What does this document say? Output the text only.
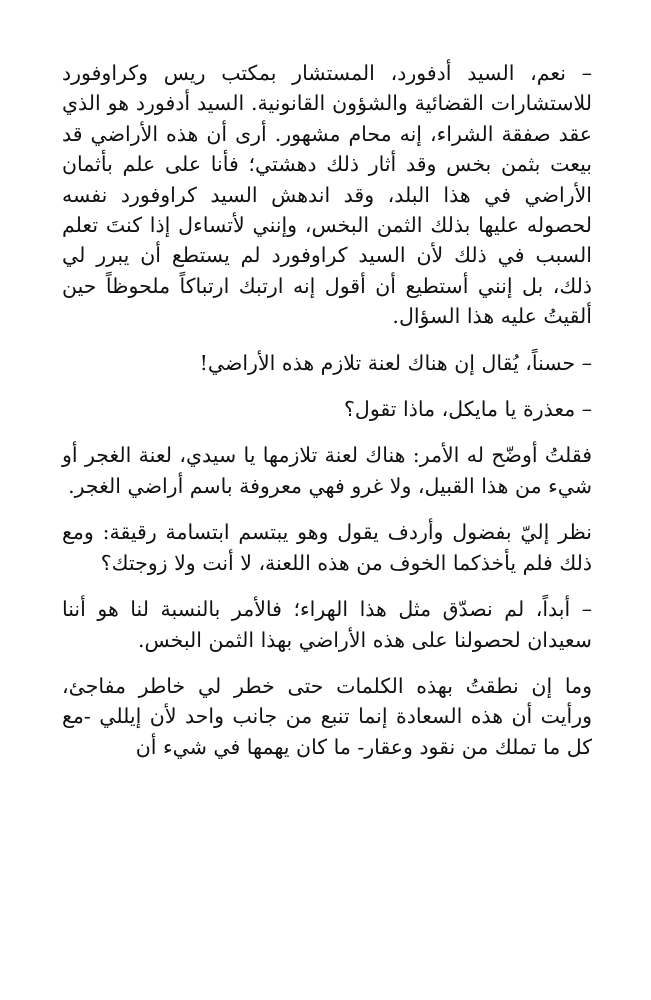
– نعم، السيد أدفورد، المستشار بمكتب ريس وكراوفورد للاستشارات القضائية والشؤون القانونية. السيد أدفورد هو الذي عقد صفقة الشراء، إنه محام مشهور. أرى أن هذه الأراضي قد بيعت بثمن بخس وقد أثار ذلك دهشتي؛ فأنا على علم بأثمان الأراضي في هذا البلد، وقد اندهش السيد كراوفورد نفسه لحصوله عليها بذلك الثمن البخس، وإنني لأتساءل إذا كنتَ تعلم السبب في ذلك لأن السيد كراوفورد لم يستطع أن يبرر لي ذلك، بل إنني أستطيع أن أقول إنه ارتبك ارتباكاً ملحوظاً حين ألقيتُ عليه هذا السؤال.

– حسناً، يُقال إن هناك لعنة تلازم هذه الأراضي!

– معذرة يا مايكل، ماذا تقول؟

فقلتُ أوضّح له الأمر: هناك لعنة تلازمها يا سيدي، لعنة الغجر أو شيء من هذا القبيل، ولا غرو فهي معروفة باسم أراضي الغجر.

نظر إليّ بفضول وأردف يقول وهو يبتسم ابتسامة رقيقة: ومع ذلك فلم يأخذكما الخوف من هذه اللعنة، لا أنت ولا زوجتك؟

– أبداً، لم نصدّق مثل هذا الهراء؛ فالأمر بالنسبة لنا هو أننا سعيدان لحصولنا على هذه الأراضي بهذا الثمن البخس.

وما إن نطقتُ بهذه الكلمات حتى خطر لي خاطر مفاجئ، ورأيت أن هذه السعادة إنما تنبع من جانب واحد لأن إيللي -مع كل ما تملك من نقود وعقار- ما كان يهمها في شيء أن
